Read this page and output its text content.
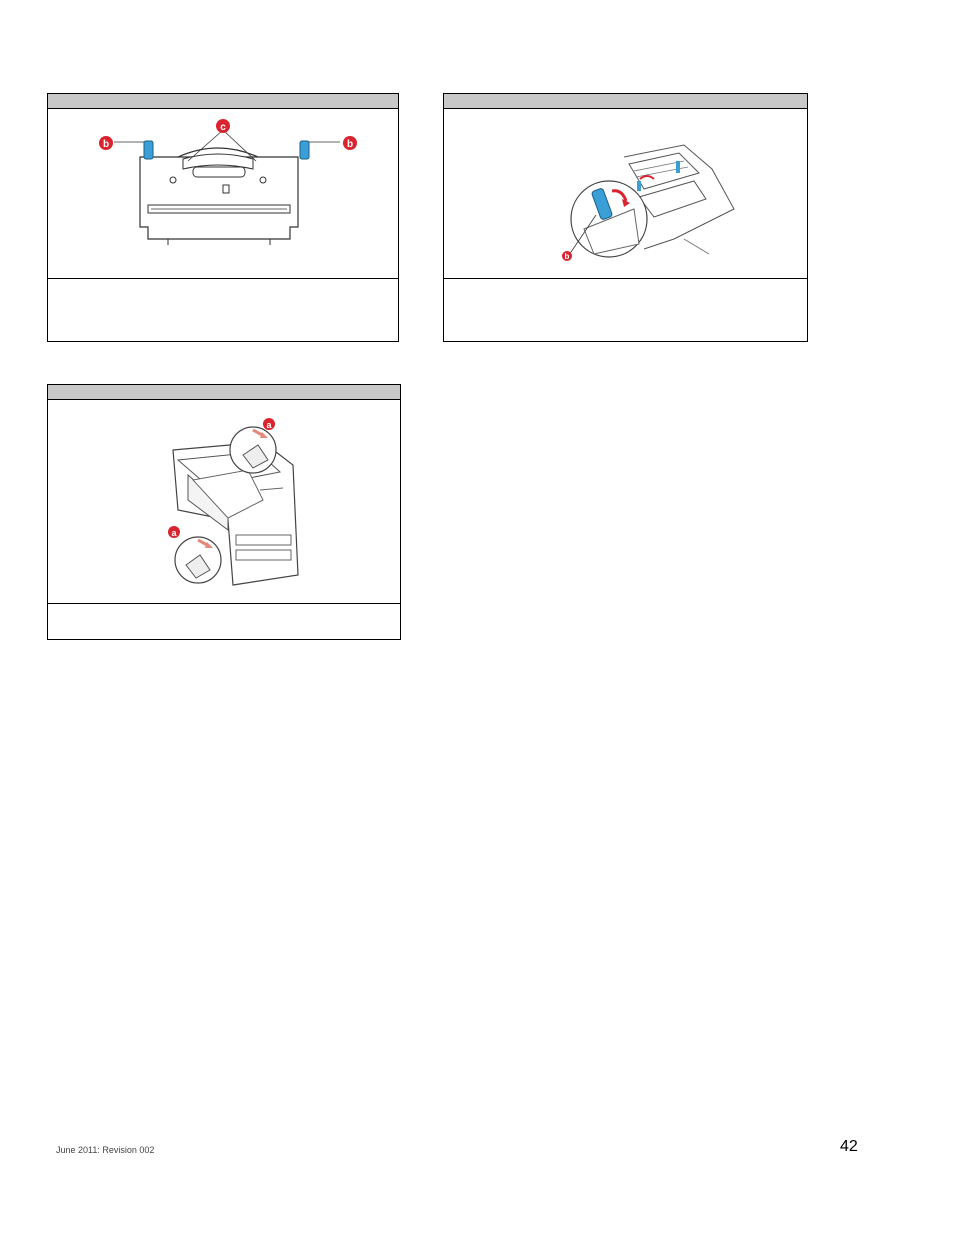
b
c
b
b
a
a
June 2011: Revision 002	42
